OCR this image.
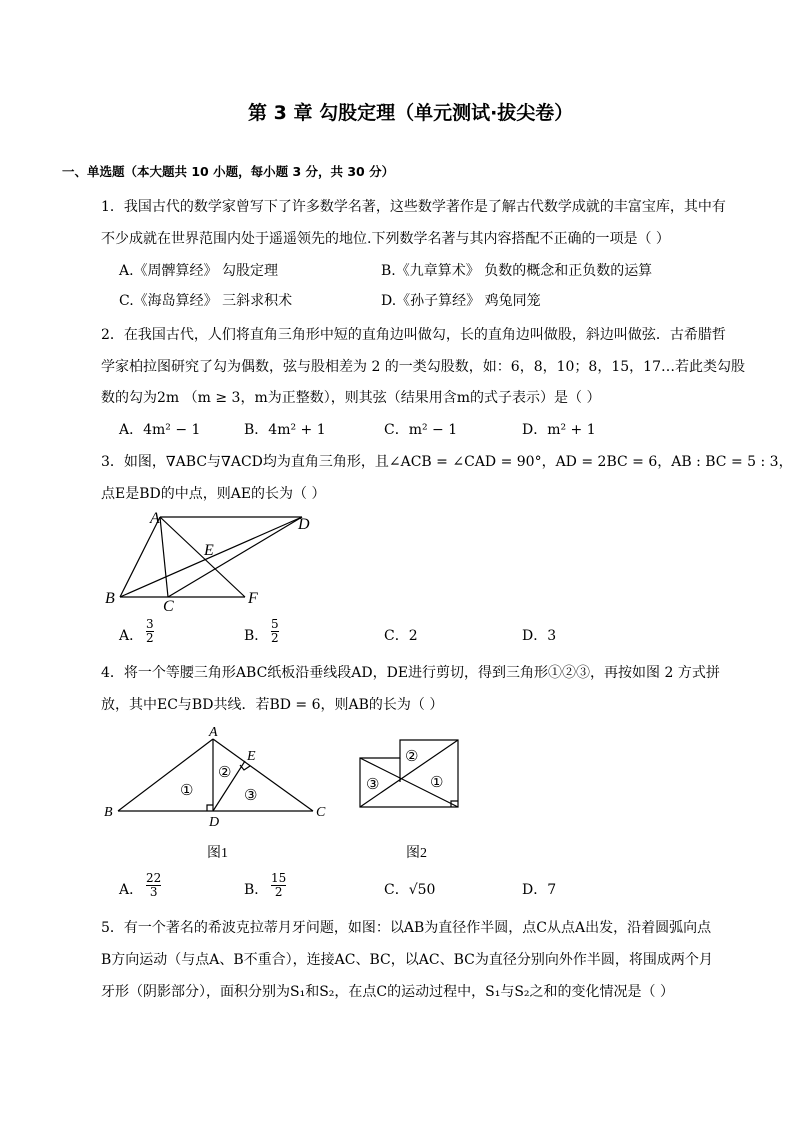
第 3 章 勾股定理（单元测试·拔尖卷）
一、单选题（本大题共 10 小题，每小题 3 分，共 30 分）
1．我国古代的数学家曾写下了许多数学名著，这些数学著作是了解古代数学成就的丰富宝库，其中有
不少成就在世界范围内处于遥遥领先的地位.下列数学名著与其内容搭配不正确的一项是（ ）
A.《周髀算经》 勾股定理	B.《九章算术》 负数的概念和正负数的运算
C.《海岛算经》 三斜求积术	D.《孙子算经》 鸡兔同笼
2．在我国古代，人们将直角三角形中短的直角边叫做勾，长的直角边叫做股，斜边叫做弦．古希腊哲
学家柏拉图研究了勾为偶数，弦与股相差为 2 的一类勾股数，如：6，8，10；8，15，17…若此类勾股
数的勾为2m （m ≥ 3，m为正整数），则其弦（结果用含m的式子表示）是（ ）
A．4m² − 1	B．4m² + 1	C．m² − 1	D．m² + 1
3．如图，∇ABC与∇ACD均为直角三角形，且∠ACB = ∠CAD = 90°，AD = 2BC = 6，AB : BC = 5 : 3，
点E是BD的中点，则AE的长为（ ）
A	D
E
B	C	F
A．
3
2	B．
5
2	C．2	D．3
4．将一个等腰三角形ABC纸板沿垂线段AD，DE进行剪切，得到三角形①②③，再按如图 2 方式拼
放，其中EC与BD共线．若BD = 6，则AB的长为（ ）
A
E
B
D
C
①
②
③
图1
②
③	①
图2
A．
22
3	B．
15
2	C．√50	D．7
5．有一个著名的希波克拉蒂月牙问题，如图：以AB为直径作半圆，点C从点A出发，沿着圆弧向点
B方向运动（与点A、B不重合），连接AC、BC，以AC、BC为直径分别向外作半圆，将围成两个月
牙形（阴影部分），面积分别为S₁和S₂，在点C的运动过程中，S₁与S₂之和的变化情况是（ ）
